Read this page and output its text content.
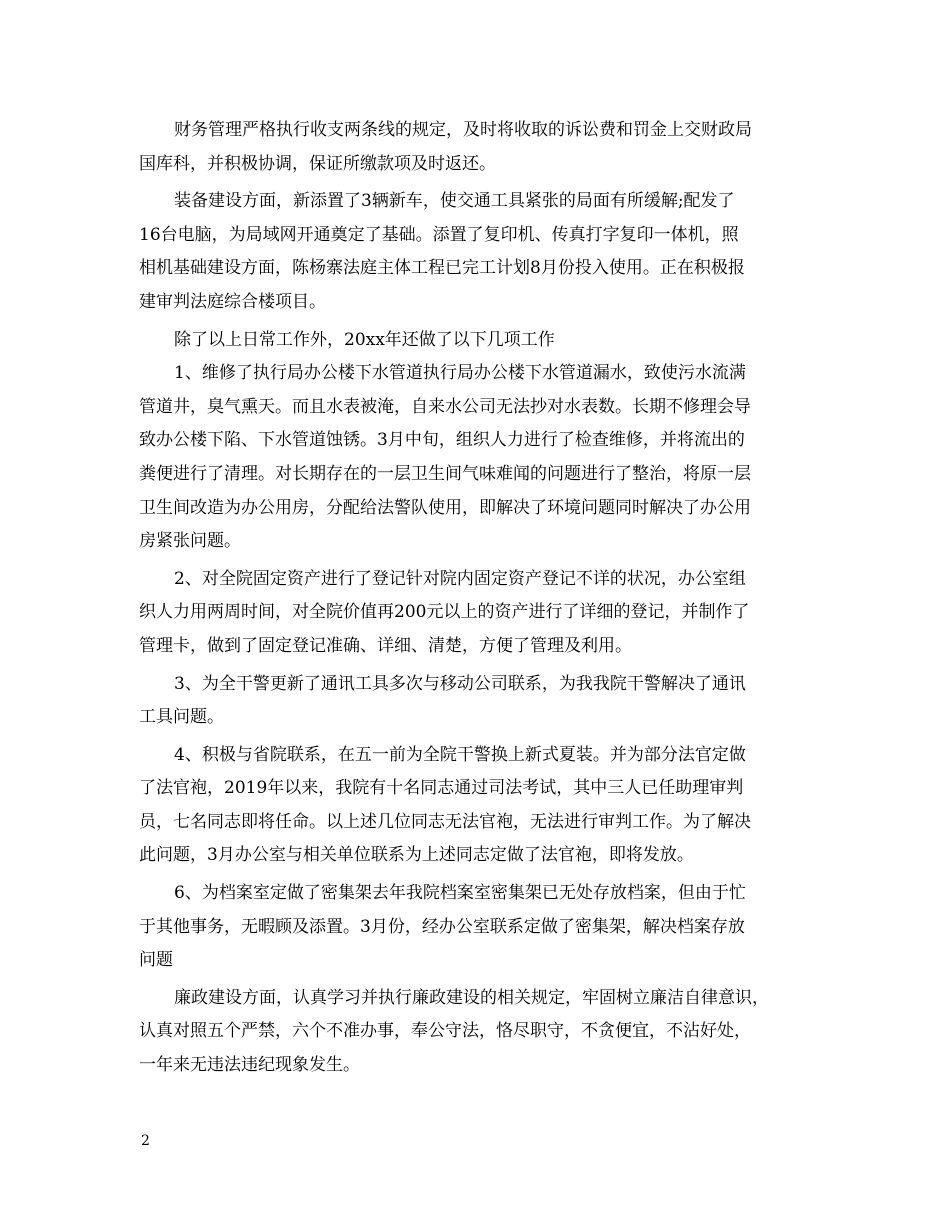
财务管理严格执行收支两条线的规定，及时将收取的诉讼费和罚金上交财政局
国库科，并积极协调，保证所缴款项及时返还。
装备建设方面，新添置了3辆新车，使交通工具紧张的局面有所缓解;配发了
16台电脑，为局域网开通奠定了基础。添置了复印机、传真打字复印一体机，照
相机基础建设方面，陈杨寨法庭主体工程已完工计划8月份投入使用。正在积极报
建审判法庭综合楼项目。
除了以上日常工作外，20xx年还做了以下几项工作
1、维修了执行局办公楼下水管道执行局办公楼下水管道漏水，致使污水流满
管道井，臭气熏天。而且水表被淹，自来水公司无法抄对水表数。长期不修理会导
致办公楼下陷、下水管道蚀锈。3月中旬，组织人力进行了检查维修，并将流出的
粪便进行了清理。对长期存在的一层卫生间气味难闻的问题进行了整治，将原一层
卫生间改造为办公用房，分配给法警队使用，即解决了环境问题同时解决了办公用
房紧张问题。
2、对全院固定资产进行了登记针对院内固定资产登记不详的状况，办公室组
织人力用两周时间，对全院价值再200元以上的资产进行了详细的登记，并制作了
管理卡，做到了固定登记准确、详细、清楚，方便了管理及利用。
3、为全干警更新了通讯工具多次与移动公司联系，为我我院干警解决了通讯
工具问题。
4、积极与省院联系，在五一前为全院干警换上新式夏装。并为部分法官定做
了法官袍，2019年以来，我院有十名同志通过司法考试，其中三人已任助理审判
员，七名同志即将任命。以上述几位同志无法官袍，无法进行审判工作。为了解决
此问题，3月办公室与相关单位联系为上述同志定做了法官袍，即将发放。
6、为档案室定做了密集架去年我院档案室密集架已无处存放档案，但由于忙
于其他事务，无暇顾及添置。3月份，经办公室联系定做了密集架，解决档案存放
问题
廉政建设方面，认真学习并执行廉政建设的相关规定，牢固树立廉洁自律意识，
认真对照五个严禁，六个不准办事，奉公守法，恪尽职守，不贪便宜，不沾好处，
一年来无违法违纪现象发生。
2
